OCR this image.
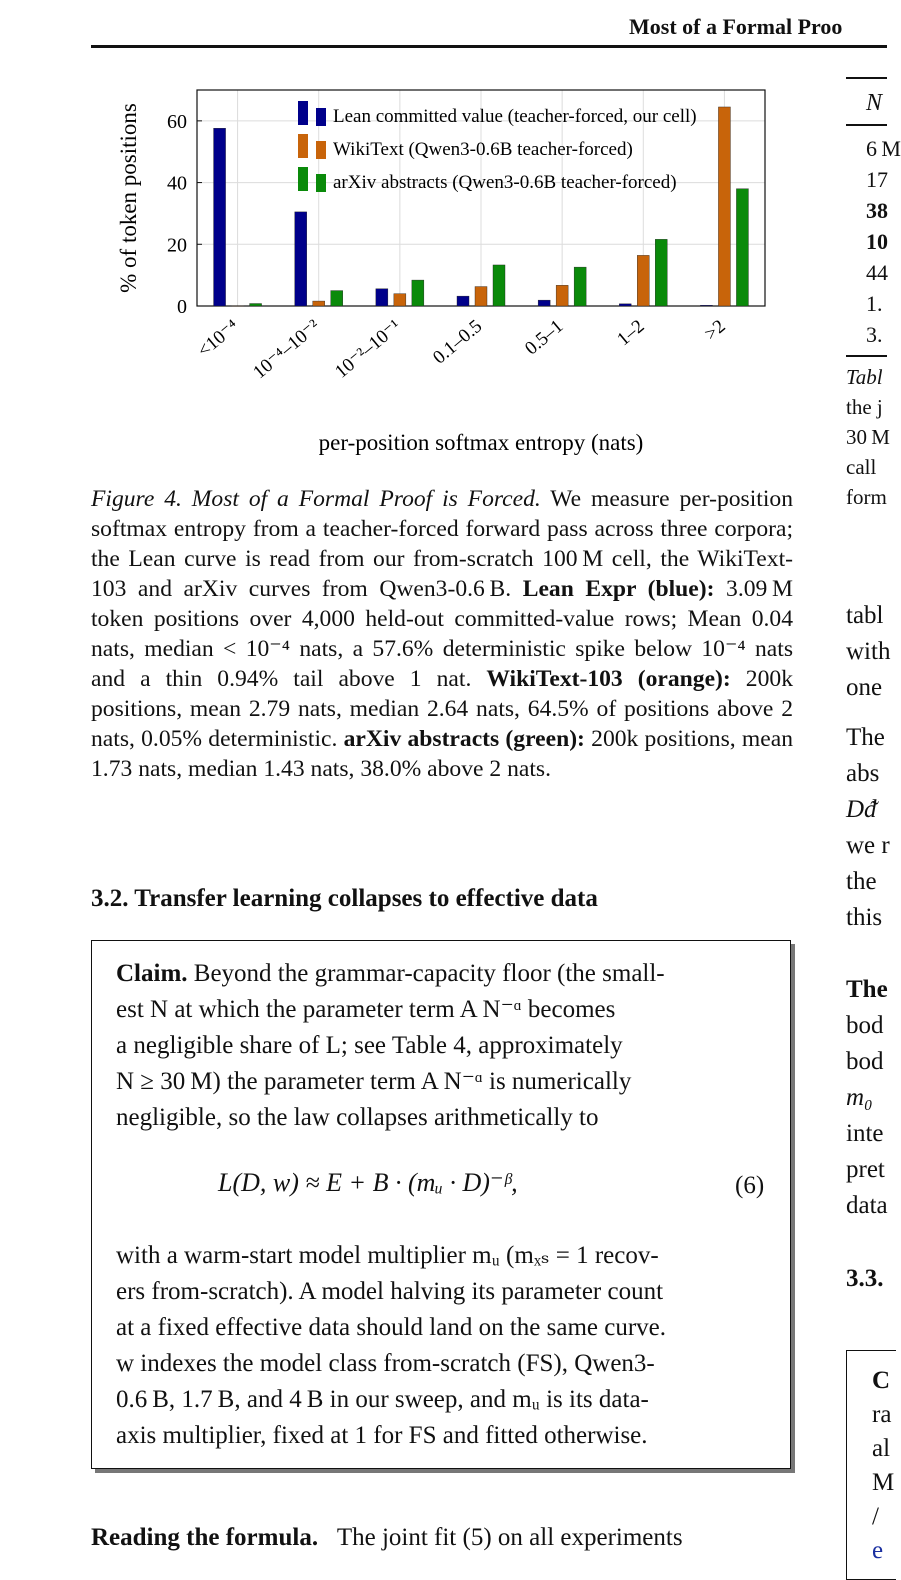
Most of a Formal Proo
0
20
40
60
<10⁻⁴ 10⁻⁴–10⁻² 10⁻²–10⁻¹ 0.1–0.5 0.5–1 1–2	>2
Lean committed value (teacher-forced, our cell)
WikiText (Qwen3-0.6B teacher-forced)
arXiv abstracts (Qwen3-0.6B teacher-forced)
% of token positions
per-position softmax entropy (nats)
Figure 4. Most of a Formal Proof is Forced. We measure per-position softmax entropy from a teacher-forced forward pass across three corpora; the Lean curve is read from our from-scratch 100 M cell, the WikiText-103 and arXiv curves from Qwen3-0.6 B. Lean Expr (blue): 3.09 M token positions over 4,000 held-out committed-value rows; Mean 0.04 nats, median < 10⁻⁴ nats, a 57.6% deterministic spike below 10⁻⁴ nats and a thin 0.94% tail above 1 nat. WikiText-103 (orange): 200k positions, mean 2.79 nats, median 2.64 nats, 64.5% of positions above 2 nats, 0.05% deterministic. arXiv abstracts (green): 200k positions, mean 1.73 nats, median 1.43 nats, 38.0% above 2 nats.
3.2. Transfer learning collapses to effective data
Claim. Beyond the grammar-capacity floor (the small-
est N at which the parameter term A N⁻ᵅ becomes
a negligible share of L; see Table 4, approximately
N ≥ 30 M) the parameter term A N⁻ᵅ is numerically
negligible, so the law collapses arithmetically to
L(D, w) ≈ E + B · (mᵤ · D)⁻ᵝ,	(6)
with a warm-start model multiplier mᵤ (mₓₛ = 1 recov-
ers from-scratch). A model halving its parameter count
at a fixed effective data should land on the same curve.
w indexes the model class from-scratch (FS), Qwen3-
0.6 B, 1.7 B, and 4 B in our sweep, and mᵤ is its data-
axis multiplier, fixed at 1 for FS and fitted otherwise.
Reading the formula. The joint fit (5) on all experiments
N
6 M
17
38
10
44
1.
3.
Tabl
the j
30 M
call
form
tabl
with
one
The
abs
Dᵭ
we r
the
this
The
bod
bod
m₀
inte
pret
data
3.3.
C
ra
al
M
/
e
